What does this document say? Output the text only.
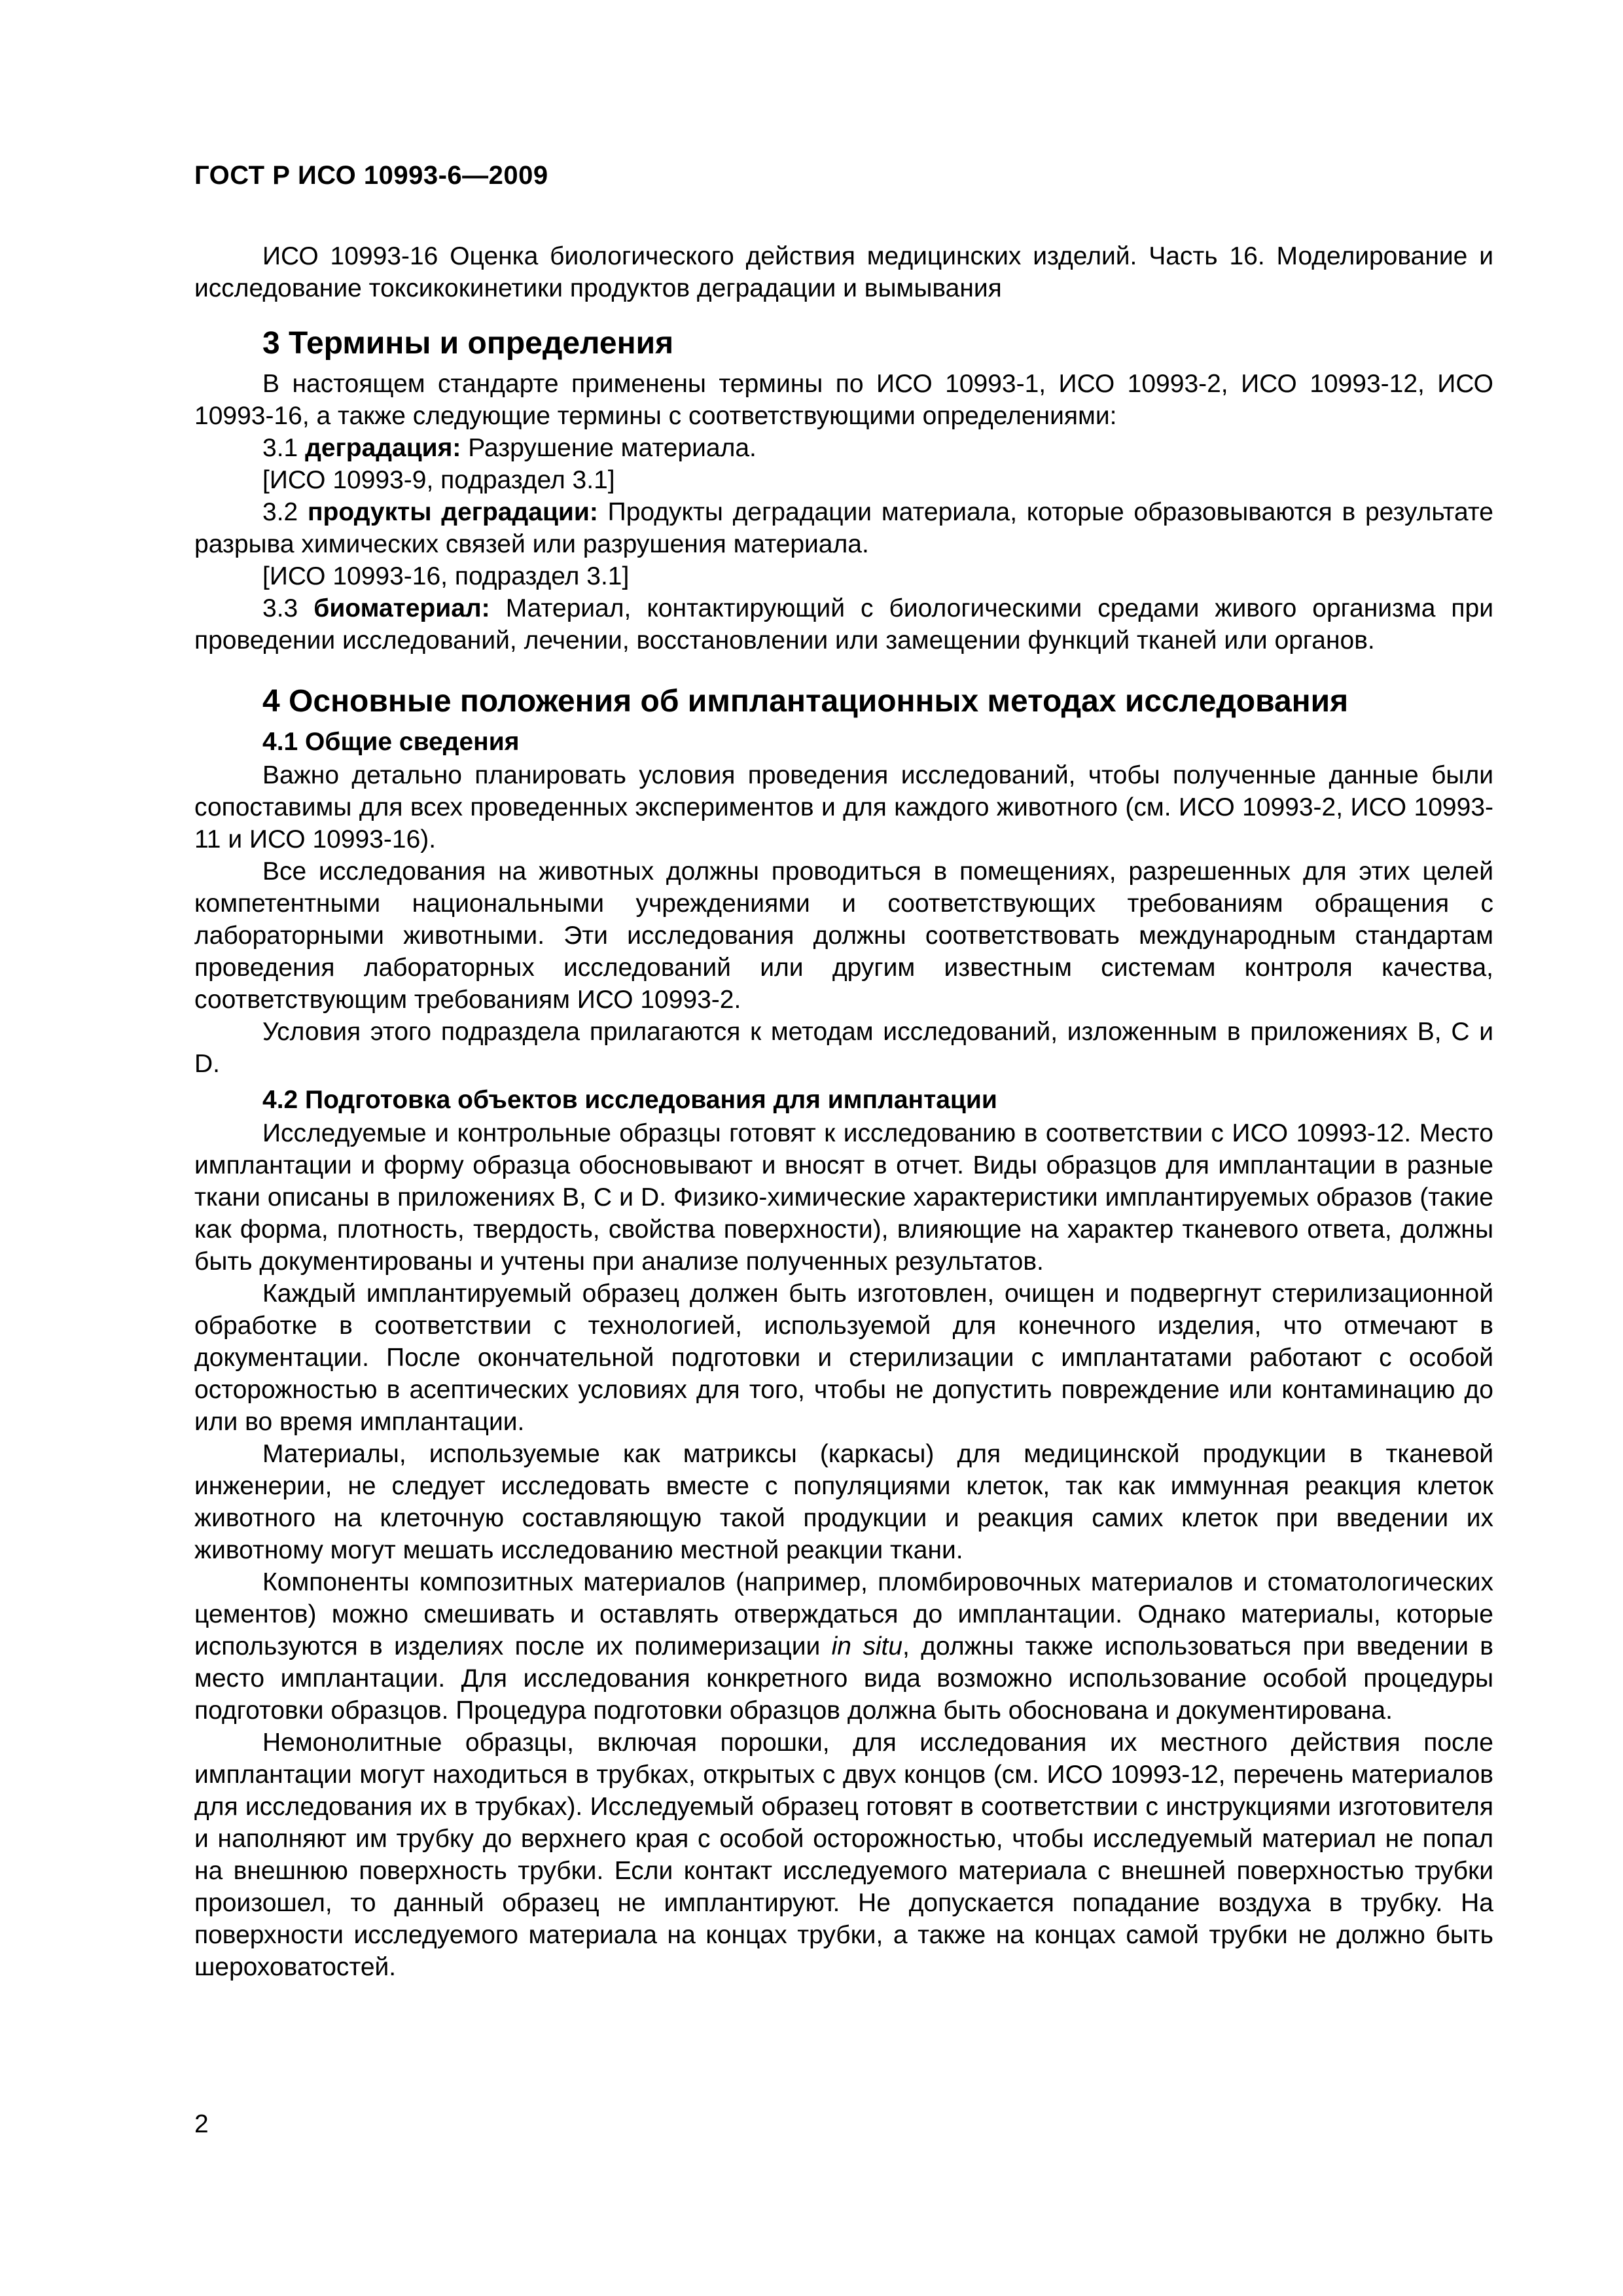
ГОСТ Р ИСО 10993-6—2009

ИСО 10993-16 Оценка биологического действия медицинских изделий. Часть 16. Моделирование и исследование токсикокинетики продуктов деградации и вымывания

3 Термины и определения

В настоящем стандарте применены термины по ИСО 10993-1, ИСО 10993-2, ИСО 10993-12, ИСО 10993-16, а также следующие термины с соответствующими определениями:

3.1 деградация: Разрушение материала.

[ИСО 10993-9, подраздел 3.1]

3.2 продукты деградации: Продукты деградации материала, которые образовываются в результате разрыва химических связей или разрушения материала.

[ИСО 10993-16, подраздел 3.1]

3.3 биоматериал: Материал, контактирующий с биологическими средами живого организма при проведении исследований, лечении, восстановлении или замещении функций тканей или органов.

4 Основные положения об имплантационных методах исследования
4.1 Общие сведения

Важно детально планировать условия проведения исследований, чтобы полученные данные были сопоставимы для всех проведенных экспериментов и для каждого животного (см. ИСО 10993-2, ИСО 10993-11 и ИСО 10993-16).

Все исследования на животных должны проводиться в помещениях, разрешенных для этих целей компетентными национальными учреждениями и соответствующих требованиям обращения с лабораторными животными. Эти исследования должны соответствовать международным стандартам проведения лабораторных исследований или другим известным системам контроля качества, соответствующим требованиям ИСО 10993-2.

Условия этого подраздела прилагаются к методам исследований, изложенным в приложениях В, С и D.

4.2 Подготовка объектов исследования для имплантации

Исследуемые и контрольные образцы готовят к исследованию в соответствии с ИСО 10993-12. Место имплантации и форму образца обосновывают и вносят в отчет. Виды образцов для имплантации в разные ткани описаны в приложениях В, С и D. Физико-химические характеристики имплантируемых образов (такие как форма, плотность, твердость, свойства поверхности), влияющие на характер тканевого ответа, должны быть документированы и учтены при анализе полученных результатов.

Каждый имплантируемый образец должен быть изготовлен, очищен и подвергнут стерилизационной обработке в соответствии с технологией, используемой для конечного изделия, что отмечают в документации. После окончательной подготовки и стерилизации с имплантатами работают с особой осторожностью в асептических условиях для того, чтобы не допустить повреждение или контаминацию до или во время имплантации.

Материалы, используемые как матриксы (каркасы) для медицинской продукции в тканевой инженерии, не следует исследовать вместе с популяциями клеток, так как иммунная реакция клеток животного на клеточную составляющую такой продукции и реакция самих клеток при введении их животному могут мешать исследованию местной реакции ткани.

Компоненты композитных материалов (например, пломбировочных материалов и стоматологических цементов) можно смешивать и оставлять отверждаться до имплантации. Однако материалы, которые используются в изделиях после их полимеризации in situ, должны также использоваться при введении в место имплантации. Для исследования конкретного вида возможно использование особой процедуры подготовки образцов. Процедура подготовки образцов должна быть обоснована и документирована.

Немонолитные образцы, включая порошки, для исследования их местного действия после имплантации могут находиться в трубках, открытых с двух концов (см. ИСО 10993-12, перечень материалов для исследования их в трубках). Исследуемый образец готовят в соответствии с инструкциями изготовителя и наполняют им трубку до верхнего края с особой осторожностью, чтобы исследуемый материал не попал на внешнюю поверхность трубки. Если контакт исследуемого материала с внешней поверхностью трубки произошел, то данный образец не имплантируют. Не допускается попадание воздуха в трубку. На поверхности исследуемого материала на концах трубки, а также на концах самой трубки не должно быть шероховатостей.

2
